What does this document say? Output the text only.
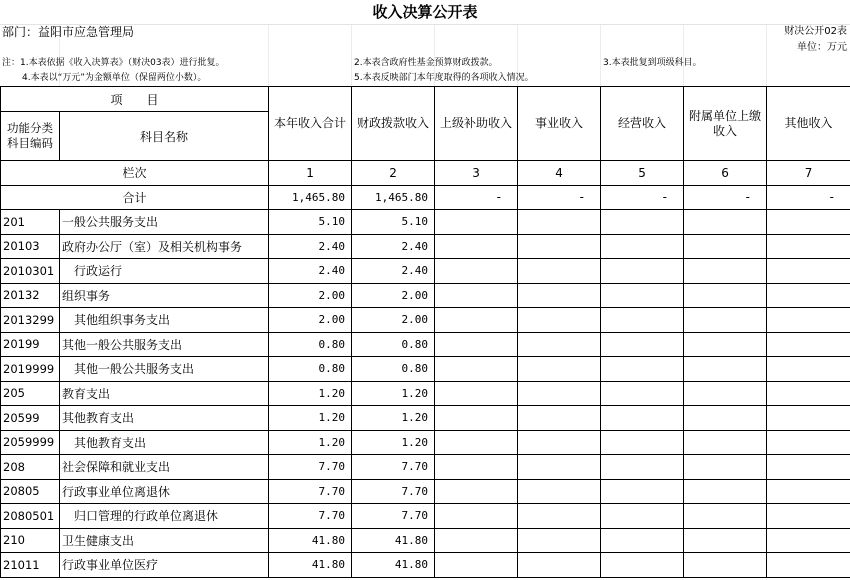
收入决算公开表
部门：益阳市应急管理局	财决公开02表
单位：万元
注：1.本表依据《收入决算表》（财决03表）进行批复。	2.本表含政府性基金预算财政拨款。	3.本表批复到项级科目。
4.本表以“万元”为金额单位（保留两位小数）。	5.本表反映部门本年度取得的各项收入情况。
项　　目		本年收入合计	财政拨款收入	上级补助收入	事业收入	经营收入	附属单位上缴收入	其他收入
功能分类科目编码	科目名称							
栏次		1	2	3	4	5	6	7
合计		1,465.80	1,465.80	-	-	-	-	-
201	一般公共服务支出	5.10	5.10					
20103	政府办公厅（室）及相关机构事务	2.40	2.40					
2010301	行政运行	2.40	2.40					
20132	组织事务	2.00	2.00					
2013299	其他组织事务支出	2.00	2.00					
20199	其他一般公共服务支出	0.80	0.80					
2019999	其他一般公共服务支出	0.80	0.80					
205	教育支出	1.20	1.20					
20599	其他教育支出	1.20	1.20					
2059999	其他教育支出	1.20	1.20					
208	社会保障和就业支出	7.70	7.70					
20805	行政事业单位离退休	7.70	7.70					
2080501	归口管理的行政单位离退休	7.70	7.70					
210	卫生健康支出	41.80	41.80					
21011	行政事业单位医疗	41.80	41.80					
